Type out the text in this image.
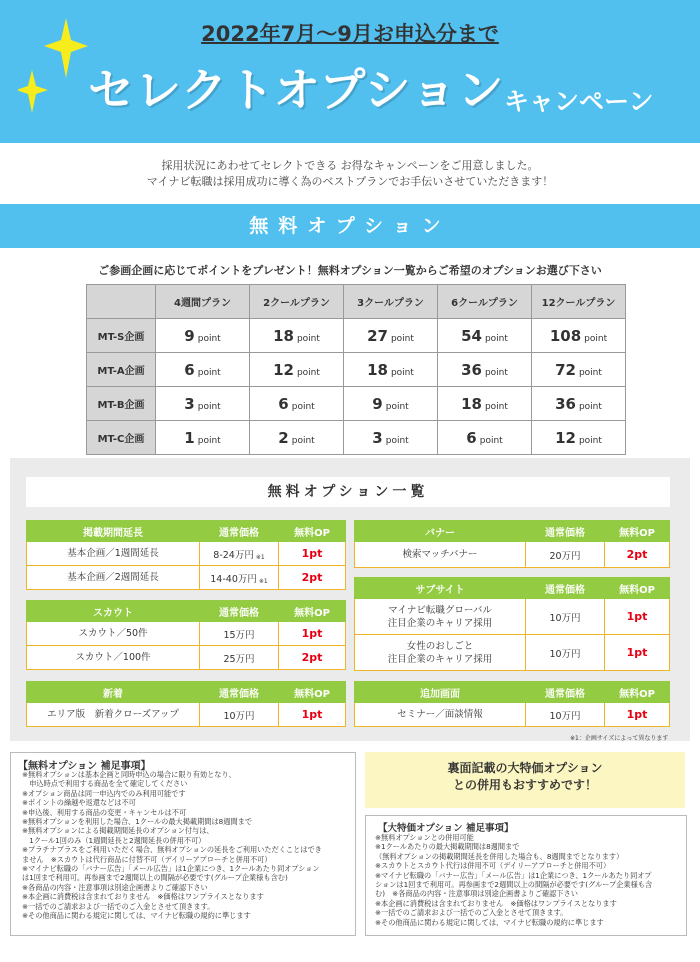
2022年7月～9月お申込分まで
セレクトオプション キャンペーン
採用状況にあわせてセレクトできる お得なキャンペーンをご用意しました。
マイナビ転職は採用成功に導く為のベストプランでお手伝いさせていただきます！
無料オプション
ご参画企画に応じてポイントをプレゼント！無料オプション一覧からご希望のオプションお選び下さい
	4週間プラン	2クールプラン	3クールプラン	6クールプラン	12クールプラン
MT-S企画	9 point	18 point	27 point	54 point	108 point
MT-A企画	6 point	12 point	18 point	36 point	72 point
MT-B企画	3 point	6 point	9 point	18 point	36 point
MT-C企画	1 point	2 point	3 point	6 point	12 point
無料オプション一覧
掲載期間延長	通常価格	無料OP
基本企画／1週間延長	8-24万円 ※1	1pt
基本企画／2週間延長	14-40万円 ※1	2pt
スカウト	通常価格	無料OP
スカウト／50件	15万円	1pt
スカウト／100件	25万円	2pt
新着	通常価格	無料OP
エリア版　新着クローズアップ	10万円	1pt
バナー	通常価格	無料OP
検索マッチバナー	20万円	2pt
サブサイト	通常価格	無料OP

マイナビ転職グローバル
注目企業のキャリア採用	10万円	1pt

女性のおしごと
注目企業のキャリア採用	10万円	1pt
追加画面	通常価格	無料OP
セミナー／面談情報	10万円	1pt
※1：企画サイズによって異なります
【無料オプション 補足事項】
※無料オプションは基本企画と同時申込の場合に限り有効となり、
　申込時点で利用する商品を全て確定してください
※オプション商品は同一申込内でのみ利用可能です
※ポイントの繰越や返還などは不可
※申込後、利用する商品の変更・キャンセルは不可
※無料オプションを利用した場合、1クールの最大掲載期間は8週間まで
※無料オプションによる掲載期間延長のオプション付与は、
　1クール1回のみ（1週間延長と2週間延長の併用不可）
※プラチナプラスをご利用いただく場合、無料オプションの延長をご利用いただくことはでき
ません　※スカウトは代行商品に付替不可（デイリーアプローチと併用不可）
※マイナビ転職の「バナー広告」「メール広告」は1企業につき、1クールあたり同オプション
は1回まで利用可。再参画まで2週間以上の間隔が必要です(グループ企業様も含む)
※各商品の内容・注意事項は別途企画書よりご確認下さい
※本企画に消費税は含まれておりません　※価格はワンプライスとなります
※一括でのご請求および一括でのご入金とさせて頂きます。
※その他商品に関わる規定に関しては、マイナビ転職の規約に準じます
裏面記載の大特価オプション
との併用もおすすめです！
【大特価オプション 補足事項】
※無料オプションとの併用可能
※1クールあたりの最大掲載期間は8週間まで
（無料オプションの掲載期間延長を併用した場合も、8週間までとなります）
※スカウトとスカウト代行は併用不可（デイリーアプローチと併用不可）
※マイナビ転職の「バナー広告」「メール広告」は1企業につき、1クールあたり同オプ
ションは1回まで利用可。再参画まで2週間以上の間隔が必要です(グループ企業様も含
む)　※各商品の内容・注意事項は別途企画書よりご確認下さい
※本企画に消費税は含まれておりません　※価格はワンプライスとなります
※一括でのご請求および一括でのご入金とさせて頂きます。
※その他商品に関わる規定に関しては、マイナビ転職の規約に準じます
